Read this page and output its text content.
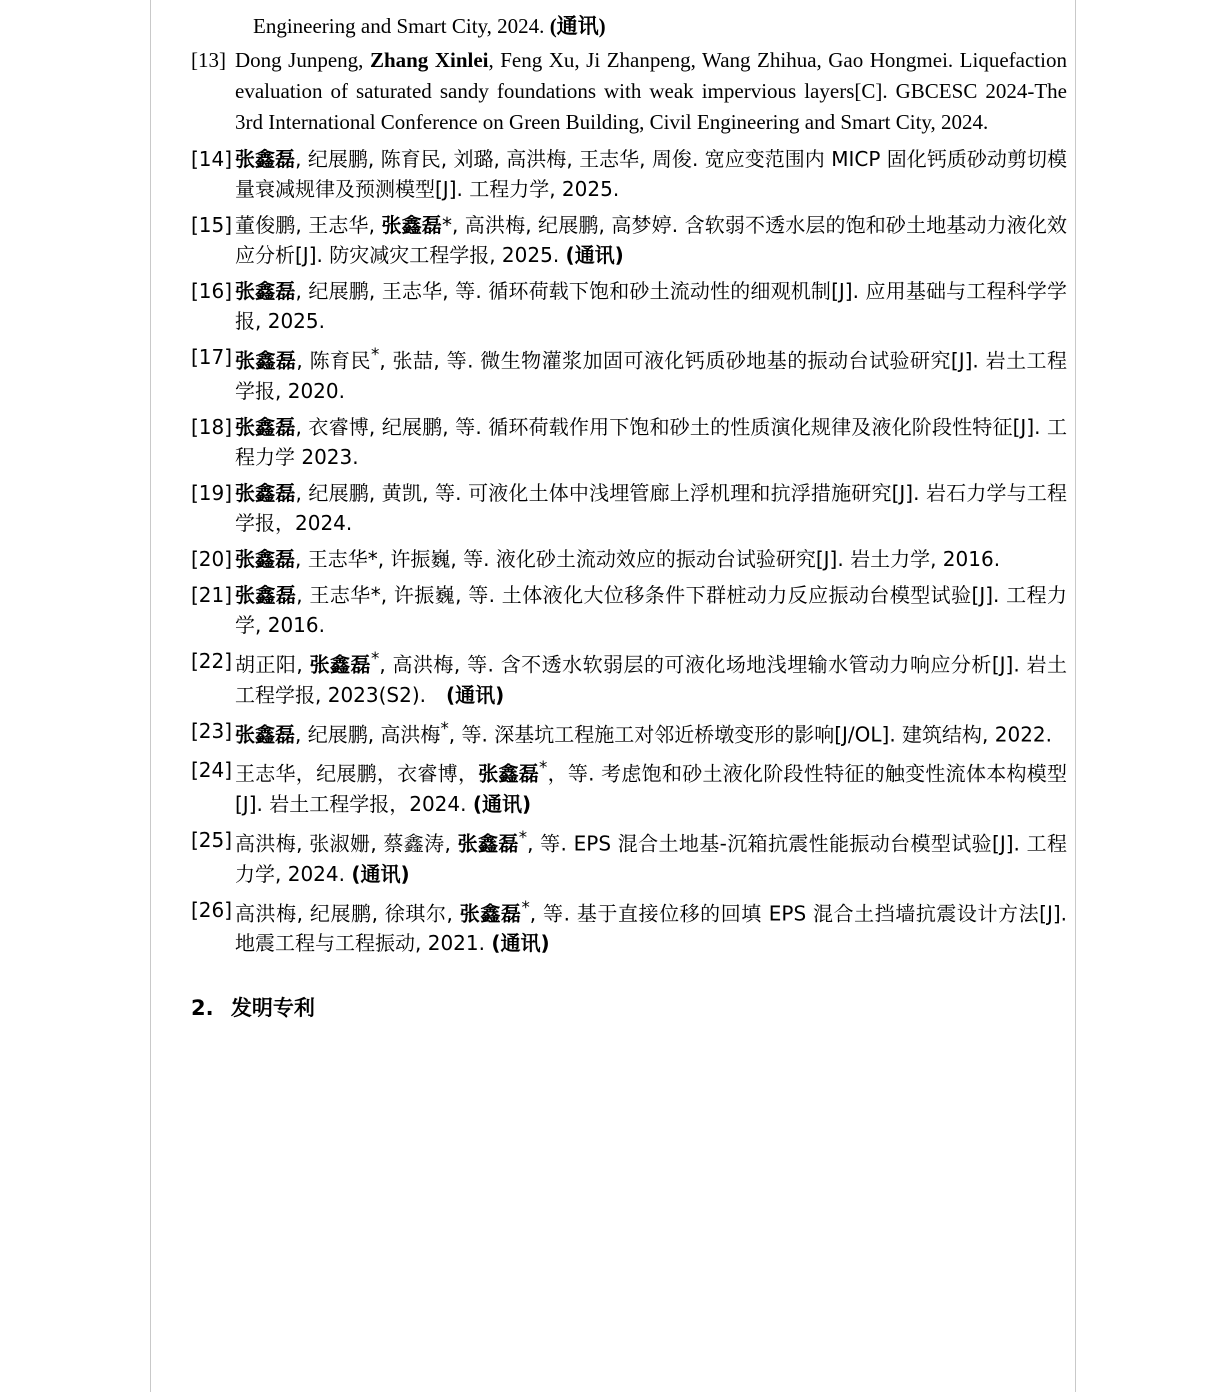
Engineering and Smart City, 2024. (通讯)
[13] Dong Junpeng, Zhang Xinlei, Feng Xu, Ji Zhanpeng, Wang Zhihua, Gao Hongmei. Liquefaction evaluation of saturated sandy foundations with weak impervious layers[C]. GBCESC 2024-The 3rd International Conference on Green Building, Civil Engineering and Smart City, 2024.
[14] 张鑫磊, 纪展鹏, 陈育民, 刘璐, 高洪梅, 王志华, 周俊. 宽应变范围内 MICP 固化钙质砂动剪切模量衰减规律及预测模型[J]. 工程力学, 2025.
[15] 董俊鹏, 王志华, 张鑫磊*, 高洪梅, 纪展鹏, 高梦婷. 含软弱不透水层的饱和砂土地基动力液化效应分析[J]. 防灾减灾工程学报, 2025. (通讯)
[16] 张鑫磊, 纪展鹏, 王志华, 等. 循环荷载下饱和砂土流动性的细观机制[J]. 应用基础与工程科学学报, 2025.
[17] 张鑫磊, 陈育民*, 张喆, 等. 微生物灌浆加固可液化钙质砂地基的振动台试验研究[J]. 岩土工程学报, 2020.
[18] 张鑫磊, 衣睿博, 纪展鹏, 等. 循环荷载作用下饱和砂土的性质演化规律及液化阶段性特征[J]. 工程力学 2023.
[19] 张鑫磊, 纪展鹏, 黄凯, 等. 可液化土体中浅埋管廊上浮机理和抗浮措施研究[J]. 岩石力学与工程学报，2024.
[20] 张鑫磊, 王志华*, 许振巍, 等. 液化砂土流动效应的振动台试验研究[J]. 岩土力学, 2016.
[21] 张鑫磊, 王志华*, 许振巍, 等. 土体液化大位移条件下群桩动力反应振动台模型试验[J]. 工程力学, 2016.
[22] 胡正阳, 张鑫磊*, 高洪梅, 等. 含不透水软弱层的可液化场地浅埋输水管动力响应分析[J]. 岩土工程学报, 2023(S2).　(通讯)
[23] 张鑫磊, 纪展鹏, 高洪梅*, 等. 深基坑工程施工对邻近桥墩变形的影响[J/OL]. 建筑结构, 2022.
[24] 王志华，纪展鹏，衣睿博，张鑫磊*，等. 考虑饱和砂土液化阶段性特征的触变性流体本构模型[J]. 岩土工程学报，2024. (通讯)
[25] 高洪梅, 张淑姗, 蔡鑫涛, 张鑫磊*, 等. EPS 混合土地基-沉箱抗震性能振动台模型试验[J]. 工程力学, 2024. (通讯)
[26] 高洪梅, 纪展鹏, 徐琪尔, 张鑫磊*, 等. 基于直接位移的回填 EPS 混合土挡墙抗震设计方法[J]. 地震工程与工程振动, 2021. (通讯)
2. 发明专利
